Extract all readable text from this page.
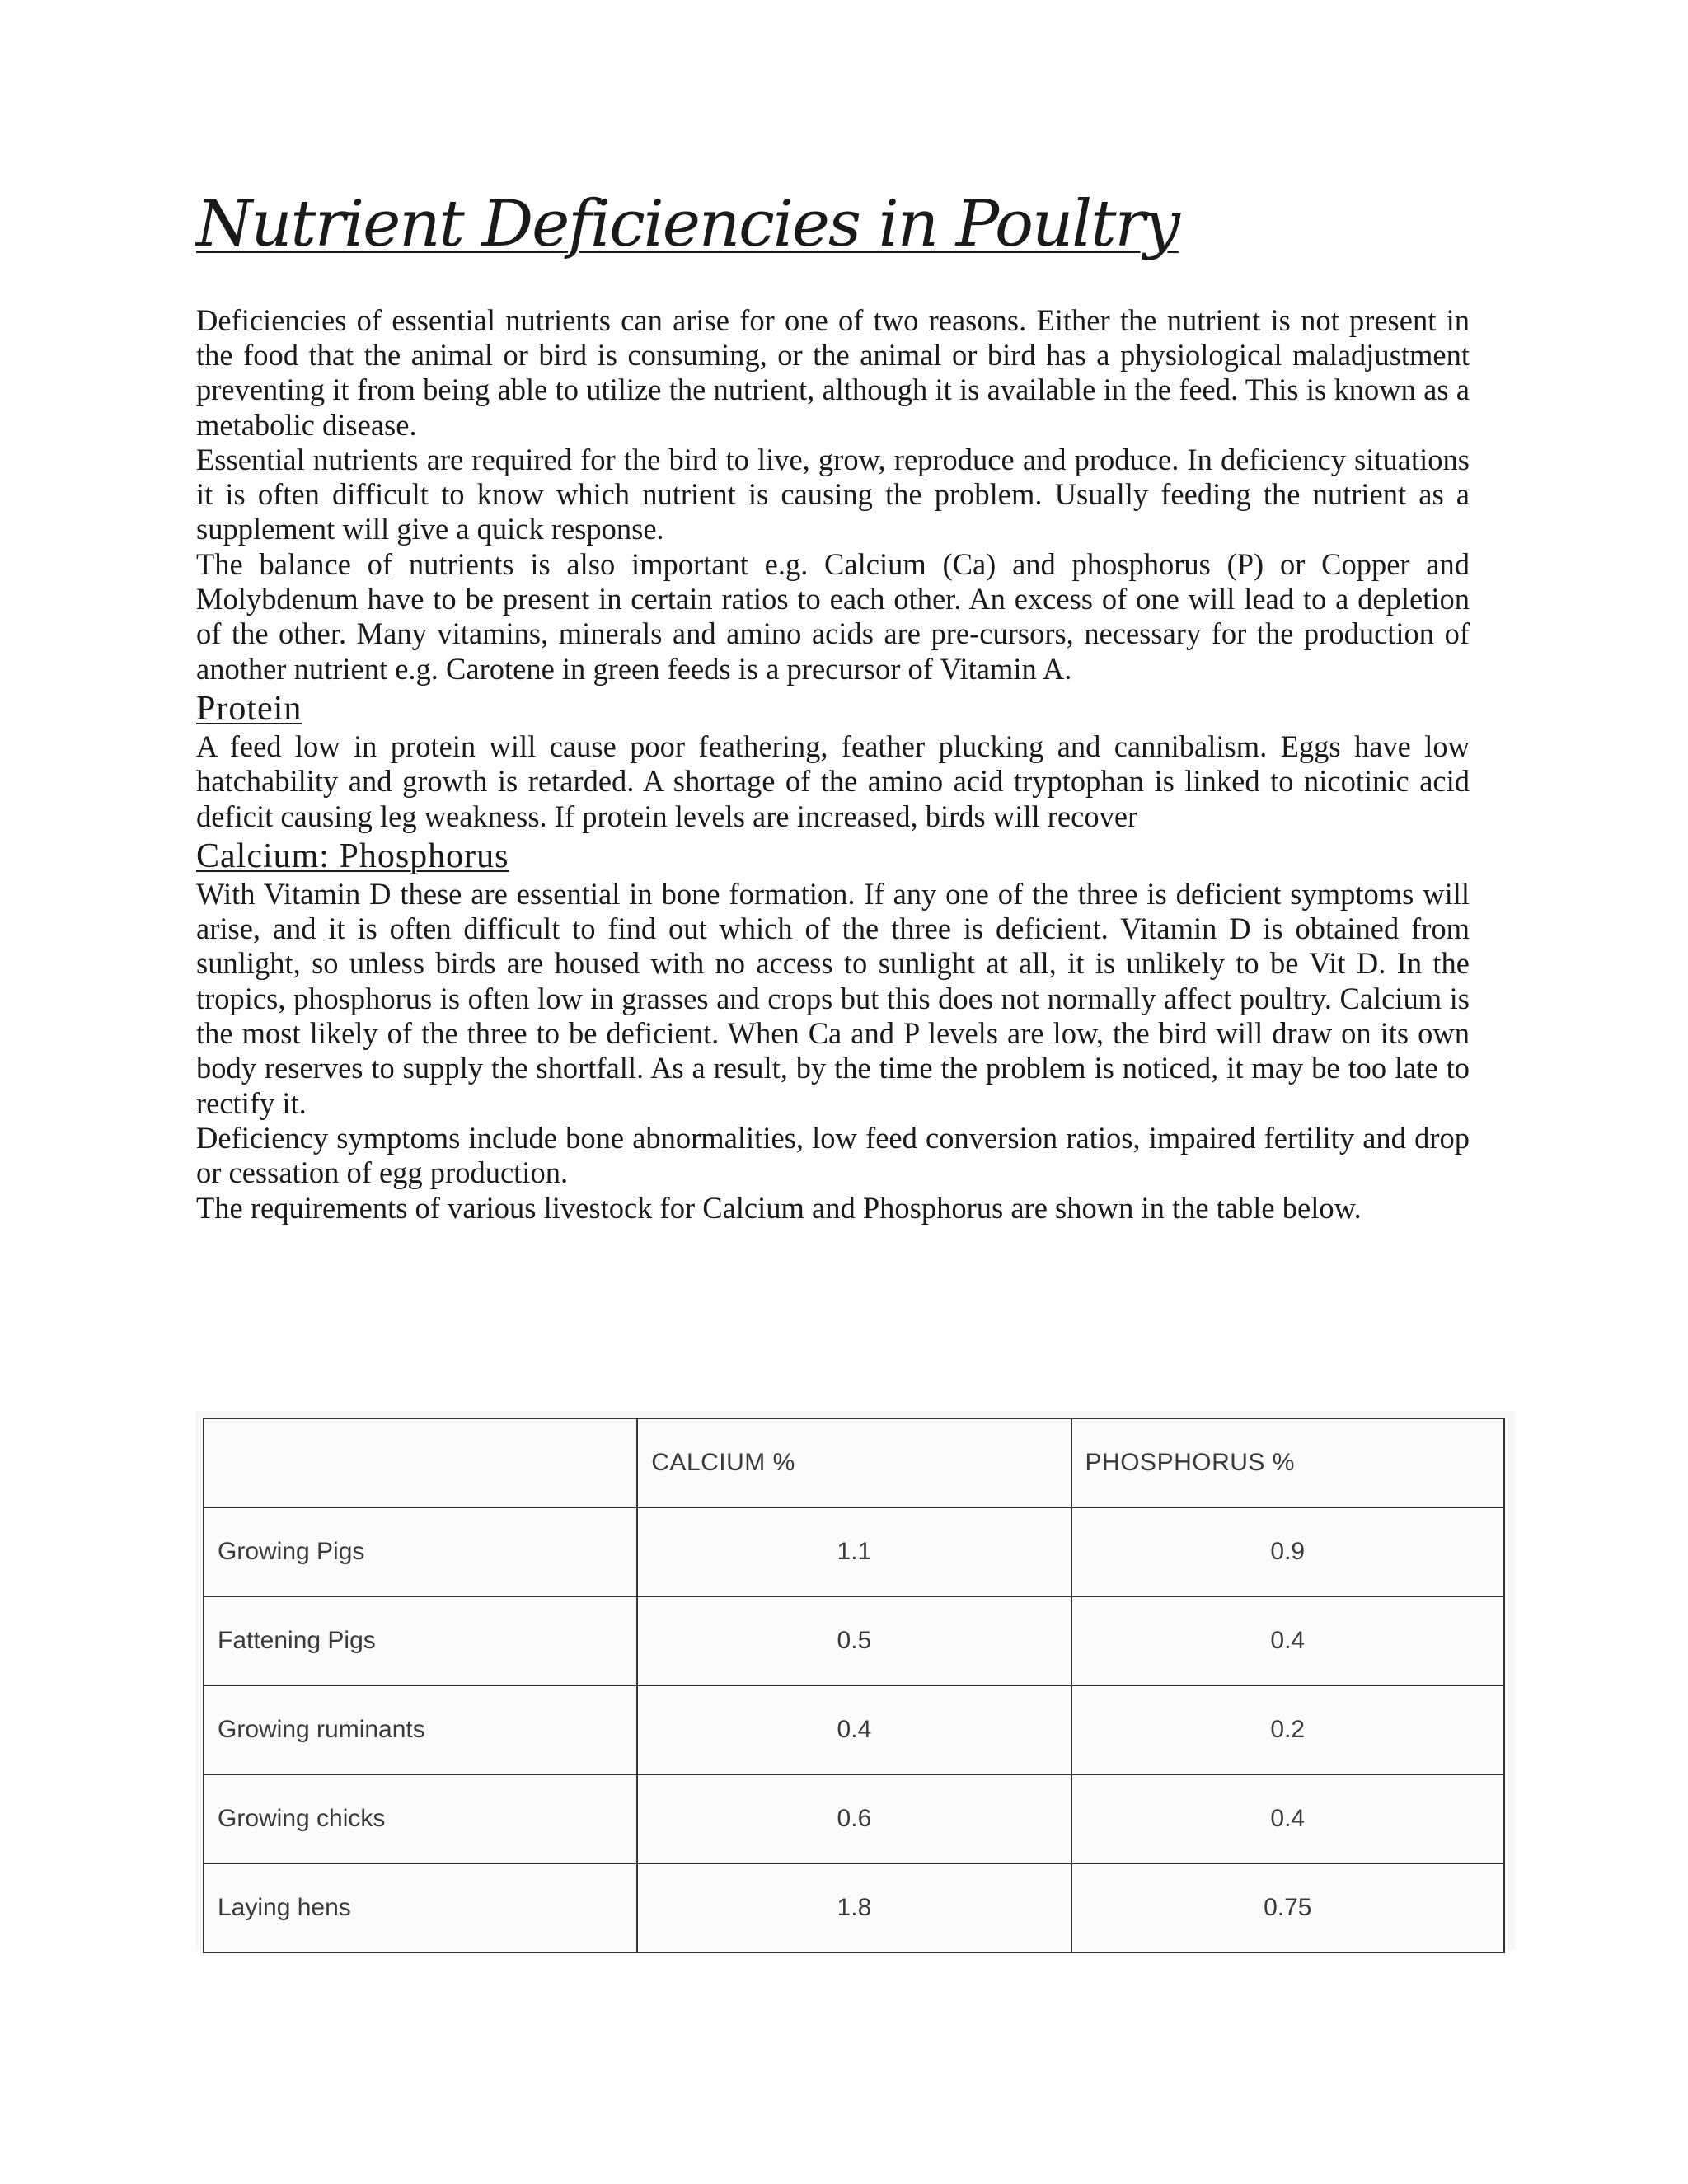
Nutrient Deficiencies in Poultry

Deficiencies of essential nutrients can arise for one of two reasons. Either the nutrient is not present in the food that the animal or bird is consuming, or the animal or bird has a physiological maladjustment preventing it from being able to utilize the nutrient, although it is available in the feed. This is known as a metabolic disease.

Essential nutrients are required for the bird to live, grow, reproduce and produce. In deficiency situations it is often difficult to know which nutrient is causing the problem. Usually feeding the nutrient as a supplement will give a quick response.

The balance of nutrients is also important e.g. Calcium (Ca) and phosphorus (P) or Copper and Molybdenum have to be present in certain ratios to each other. An excess of one will lead to a depletion of the other. Many vitamins, minerals and amino acids are pre-cursors, necessary for the production of another nutrient e.g. Carotene in green feeds is a precursor of Vitamin A.

Protein

A feed low in protein will cause poor feathering, feather plucking and cannibalism. Eggs have low hatchability and growth is retarded. A shortage of the amino acid tryptophan is linked to nicotinic acid deficit causing leg weakness. If protein levels are increased, birds will recover

Calcium: Phosphorus

With Vitamin D these are essential in bone formation. If any one of the three is deficient symptoms will arise, and it is often difficult to find out which of the three is deficient. Vitamin D is obtained from sunlight, so unless birds are housed with no access to sunlight at all, it is unlikely to be Vit D. In the tropics, phosphorus is often low in grasses and crops but this does not normally affect poultry. Calcium is the most likely of the three to be deficient. When Ca and P levels are low, the bird will draw on its own body reserves to supply the shortfall. As a result, by the time the problem is noticed, it may be too late to rectify it.

Deficiency symptoms include bone abnormalities, low feed conversion ratios, impaired fertility and drop or cessation of egg production.

The requirements of various livestock for Calcium and Phosphorus are shown in the table below.

	CALCIUM %	PHOSPHORUS %
Growing Pigs	1.1	0.9
Fattening Pigs	0.5	0.4
Growing ruminants	0.4	0.2
Growing chicks	0.6	0.4
Laying hens	1.8	0.75
